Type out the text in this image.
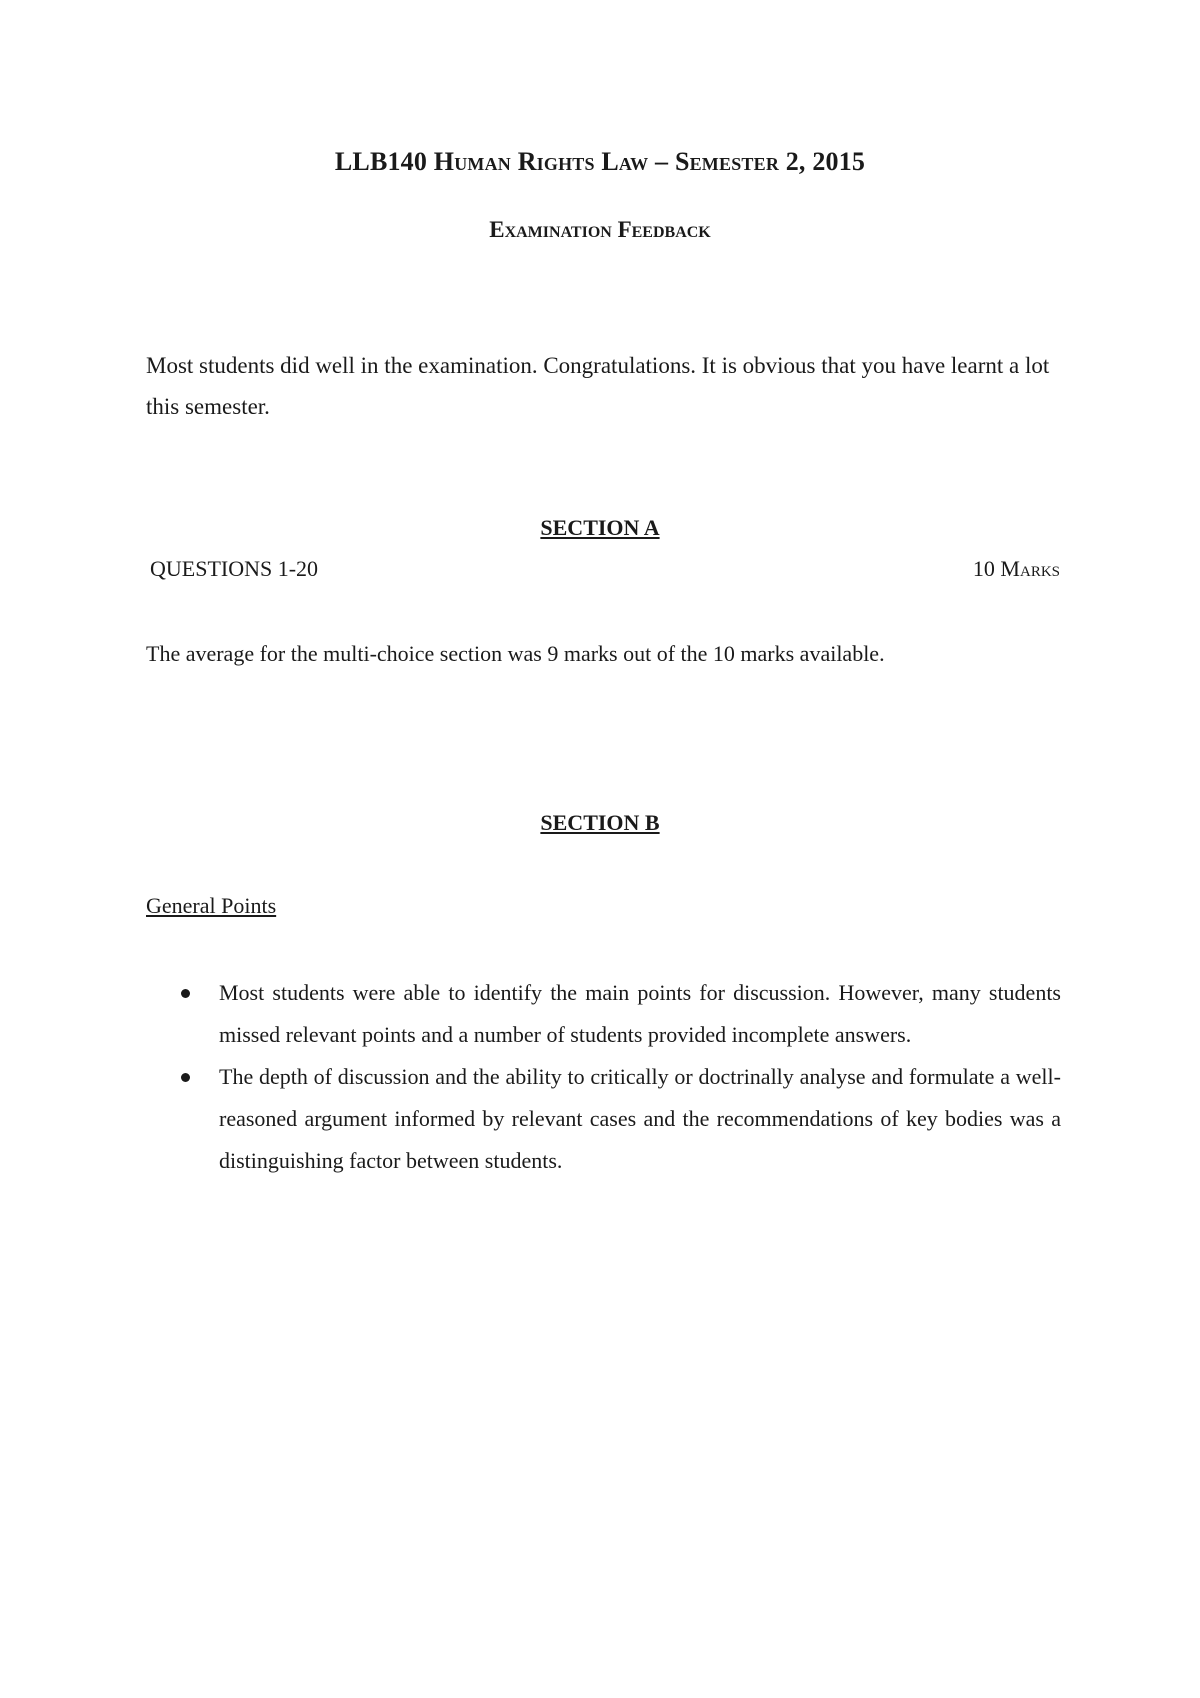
LLB140 Human Rights Law – Semester 2, 2015
Examination Feedback

Most students did well in the examination. Congratulations. It is obvious that you have learnt a lot this semester.

SECTION A
QUESTIONS 1-20	10 Marks

The average for the multi-choice section was 9 marks out of the 10 marks available.

SECTION B

General Points

Most students were able to identify the main points for discussion. However, many students missed relevant points and a number of students provided incomplete answers.
The depth of discussion and the ability to critically or doctrinally analyse and formulate a well-reasoned argument informed by relevant cases and the recommendations of key bodies was a distinguishing factor between students.
